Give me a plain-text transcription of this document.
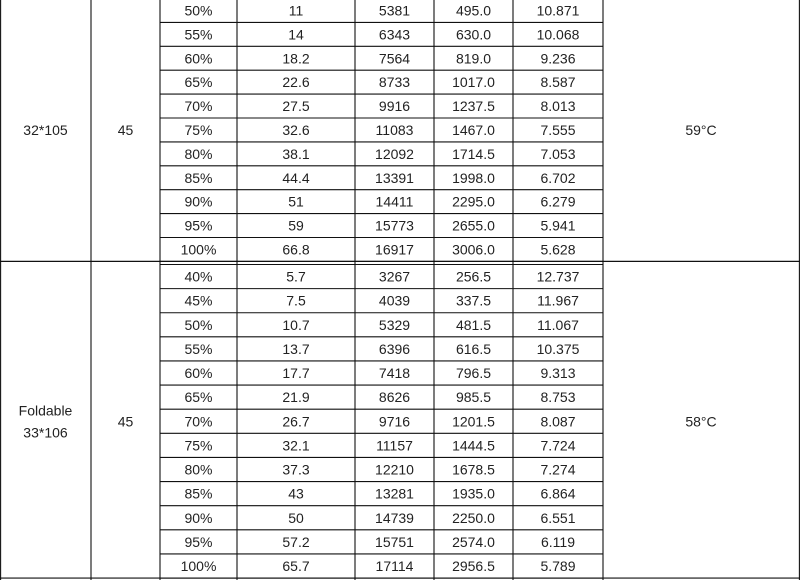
50%	11	5381	495.0	10.871
55%	14	6343	630.0	10.068
60%	18.2	7564	819.0	9.236
65%	22.6	8733	1017.0	8.587
70%	27.5	9916	1237.5	8.013
75%	32.6	11083	1467.0	7.555
80%	38.1	12092	1714.5	7.053
85%	44.4	13391	1998.0	6.702
90%	51	14411	2295.0	6.279
95%	59	15773	2655.0	5.941
100%	66.8	16917	3006.0	5.628
32*105	45	59°C
40%	5.7	3267	256.5	12.737
45%	7.5	4039	337.5	11.967
50%	10.7	5329	481.5	11.067
55%	13.7	6396	616.5	10.375
60%	17.7	7418	796.5	9.313
65%	21.9	8626	985.5	8.753
70%	26.7	9716	1201.5	8.087
75%	32.1	11157	1444.5	7.724
80%	37.3	12210	1678.5	7.274
85%	43	13281	1935.0	6.864
90%	50	14739	2250.0	6.551
95%	57.2	15751	2574.0	6.119
100%	65.7	17114	2956.5	5.789
Foldable
33*106
45	58°C
